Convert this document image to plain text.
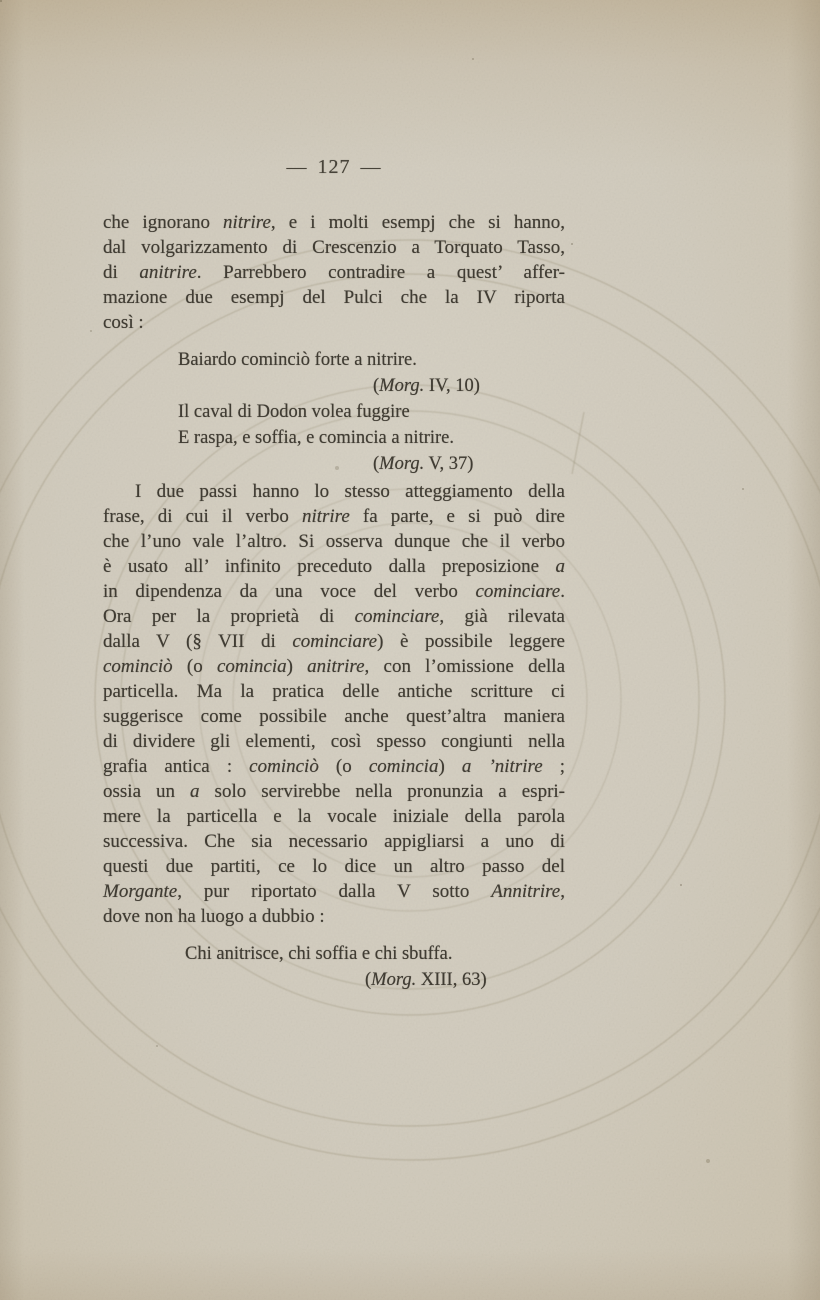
— 127 —
che ignorano nitrire, e i molti esempj che si hanno,
dal volgarizzamento di Crescenzio a Torquato Tasso,
di anitrire. Parrebbero contradire a quest’ affer-
mazione due esempj del Pulci che la IV riporta
così :
Baiardo cominciò forte a nitrire.
(Morg. IV, 10)
Il caval di Dodon volea fuggire
E raspa, e soffia, e comincia a nitrire.
(Morg. V, 37)
I due passi hanno lo stesso atteggiamento della
frase, di cui il verbo nitrire fa parte, e si può dire
che l’uno vale l’altro. Si osserva dunque che il verbo
è usato all’ infinito preceduto dalla preposizione a
in dipendenza da una voce del verbo cominciare.
Ora per la proprietà di cominciare, già rilevata
dalla V (§ VII di cominciare) è possibile leggere
cominciò (o comincia) anitrire, con l’omissione della
particella. Ma la pratica delle antiche scritture ci
suggerisce come possibile anche quest’altra maniera
di dividere gli elementi, così spesso congiunti nella
grafia antica : cominciò (o comincia) a ’nitrire ;
ossia un a solo servirebbe nella pronunzia a espri-
mere la particella e la vocale iniziale della parola
successiva. Che sia necessario appigliarsi a uno di
questi due partiti, ce lo dice un altro passo del
Morgante, pur riportato dalla V sotto Annitrire,
dove non ha luogo a dubbio :
Chi anitrisce, chi soffia e chi sbuffa.
(Morg. XIII, 63)
